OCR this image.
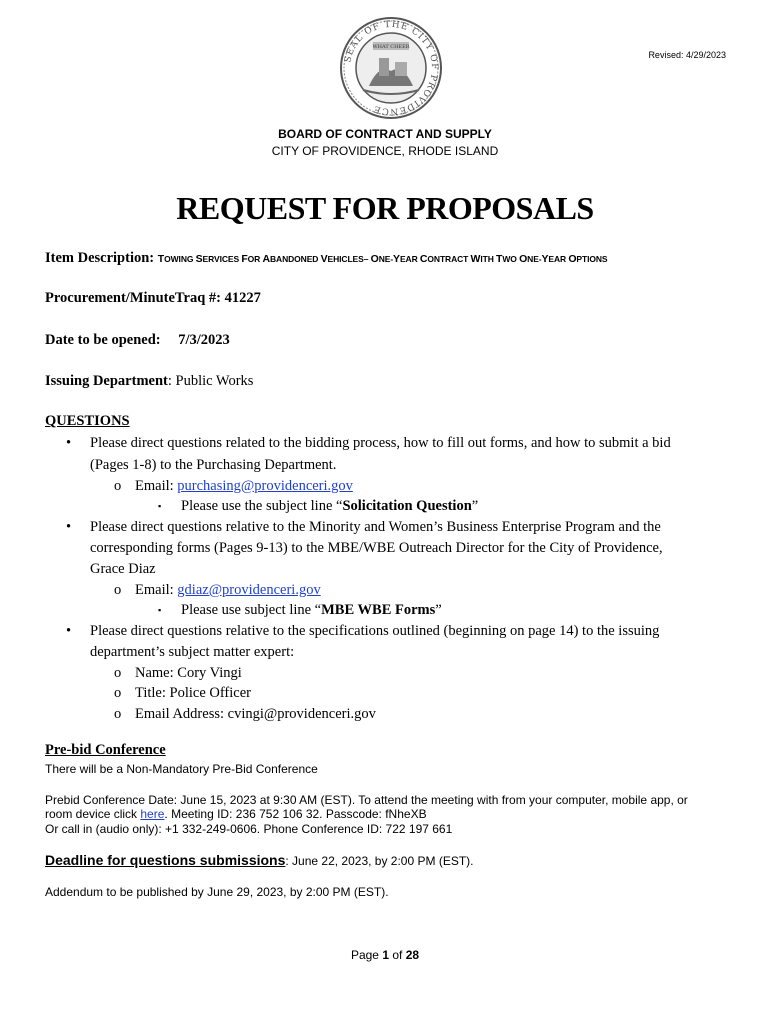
SEAL OF THE CITY OF PROVIDENCE
WHAT CHEER
Revised: 4/29/2023
BOARD OF CONTRACT AND SUPPLY
CITY OF PROVIDENCE, RHODE ISLAND
REQUEST FOR PROPOSALS
Item Description: TOWING SERVICES FOR ABANDONED VEHICLES– ONE-YEAR CONTRACT WITH TWO ONE-YEAR OPTIONS
Procurement/MinuteTraq #: 41227
Date to be opened: 7/3/2023
Issuing Department: Public Works
QUESTIONS
• Please direct questions related to the bidding process, how to fill out forms, and how to submit a bid
(Pages 1-8) to the Purchasing Department.
o Email: purchasing@providenceri.gov
▪ Please use the subject line “Solicitation Question”
• Please direct questions relative to the Minority and Women’s Business Enterprise Program and the
corresponding forms (Pages 9-13) to the MBE/WBE Outreach Director for the City of Providence,
Grace Diaz
o Email: gdiaz@providenceri.gov
▪ Please use subject line “MBE WBE Forms”
• Please direct questions relative to the specifications outlined (beginning on page 14) to the issuing
department’s subject matter expert:
o Name: Cory Vingi
o Title: Police Officer
o Email Address: cvingi@providenceri.gov
Pre-bid Conference
There will be a Non-Mandatory Pre-Bid Conference
Prebid Conference Date: June 15, 2023 at 9:30 AM (EST). To attend the meeting with from your computer, mobile app, or
room device click here. Meeting ID: 236 752 106 32. Passcode: fNheXB
Or call in (audio only): +1 332-249-0606. Phone Conference ID: 722 197 661
Deadline for questions submissions: June 22, 2023, by 2:00 PM (EST).
Addendum to be published by June 29, 2023, by 2:00 PM (EST).
Page 1 of 28
